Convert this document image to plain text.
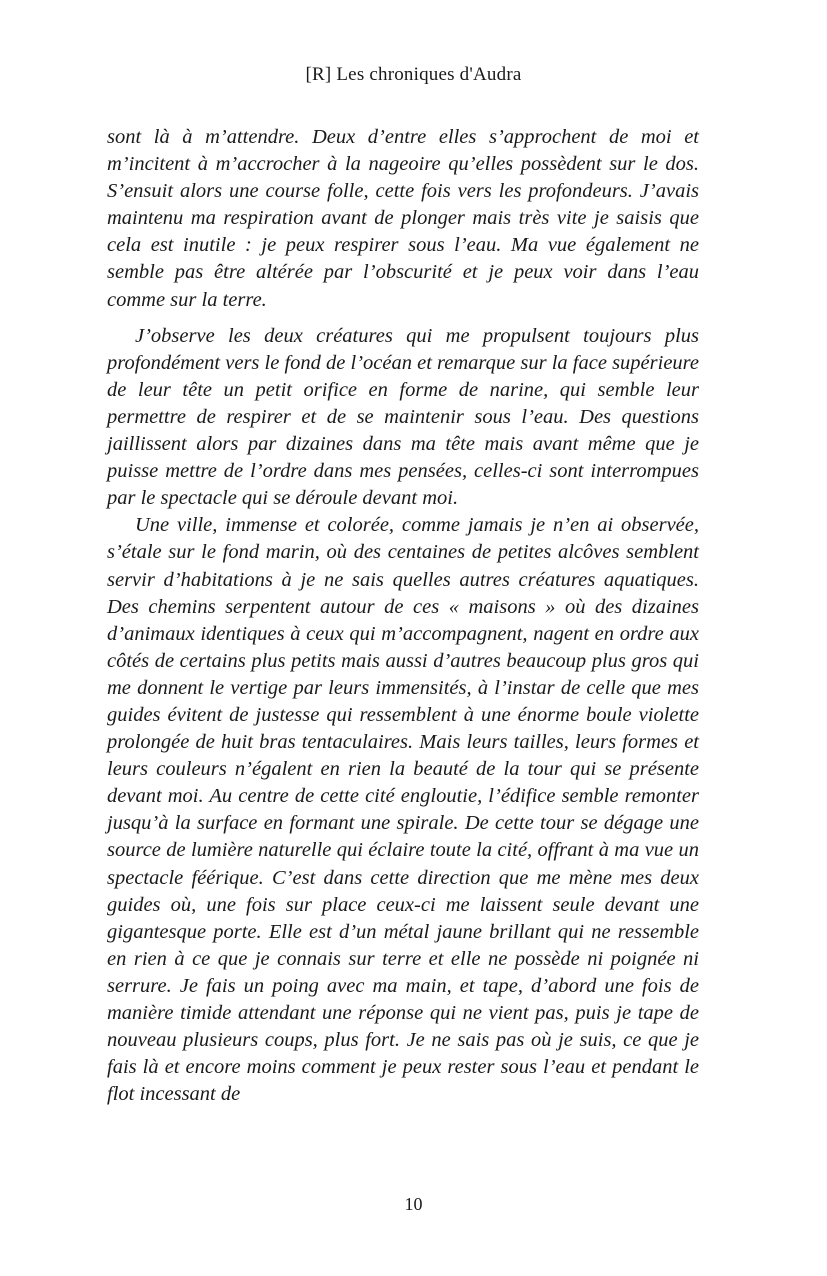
[R] Les chroniques d'Audra

sont là à m’attendre. Deux d’entre elles s’approchent de moi et m’incitent à m’accrocher à la nageoire qu’elles possèdent sur le dos. S’ensuit alors une course folle, cette fois vers les profondeurs. J’avais maintenu ma respiration avant de plonger mais très vite je saisis que cela est inutile : je peux respirer sous l’eau. Ma vue également ne semble pas être altérée par l’obscurité et je peux voir dans l’eau comme sur la terre.

J’observe les deux créatures qui me propulsent toujours plus profondément vers le fond de l’océan et remarque sur la face supérieure de leur tête un petit orifice en forme de narine, qui semble leur permettre de respirer et de se maintenir sous l’eau. Des questions jaillissent alors par dizaines dans ma tête mais avant même que je puisse mettre de l’ordre dans mes pensées, celles-ci sont interrompues par le spectacle qui se déroule devant moi.

Une ville, immense et colorée, comme jamais je n’en ai observée, s’étale sur le fond marin, où des centaines de petites alcôves semblent servir d’habitations à je ne sais quelles autres créatures aquatiques. Des chemins serpentent autour de ces « maisons » où des dizaines d’animaux identiques à ceux qui m’accompagnent, nagent en ordre aux côtés de certains plus petits mais aussi d’autres beaucoup plus gros qui me donnent le vertige par leurs immensités, à l’instar de celle que mes guides évitent de justesse qui ressemblent à une énorme boule violette prolongée de huit bras tentaculaires. Mais leurs tailles, leurs formes et leurs couleurs n’égalent en rien la beauté de la tour qui se présente devant moi. Au centre de cette cité engloutie, l’édifice semble remonter jusqu’à la surface en formant une spirale. De cette tour se dégage une source de lumière naturelle qui éclaire toute la cité, offrant à ma vue un spectacle féérique. C’est dans cette direction que me mène mes deux guides où, une fois sur place ceux-ci me laissent seule devant une gigantesque porte. Elle est d’un métal jaune brillant qui ne ressemble en rien à ce que je connais sur terre et elle ne possède ni poignée ni serrure. Je fais un poing avec ma main, et tape, d’abord une fois de manière timide attendant une réponse qui ne vient pas, puis je tape de nouveau plusieurs coups, plus fort. Je ne sais pas où je suis, ce que je fais là et encore moins comment je peux rester sous l’eau et pendant le flot incessant de

10
